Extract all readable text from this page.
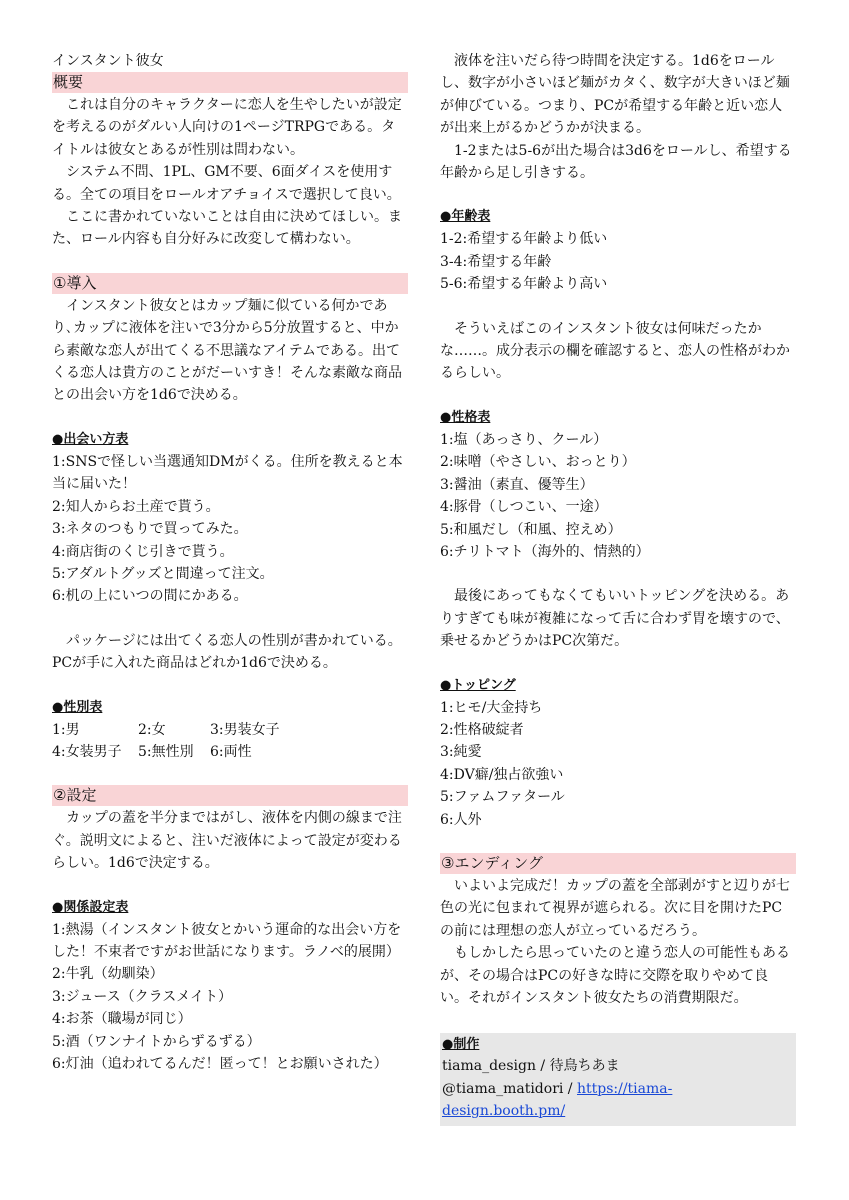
インスタント彼女

概要

これは自分のキャラクターに恋人を生やしたいが設定を考えるのがダルい人向けの1ページTRPGである。タイトルは彼女とあるが性別は問わない。

システム不問、1PL、GM不要、6面ダイスを使用する。全ての項目をロールオアチョイスで選択して良い。

ここに書かれていないことは自由に決めてほしい。また、ロール内容も自分好みに改変して構わない。

①導入

インスタント彼女とはカップ麺に似ている何かであり､カップに液体を注いで3分から5分放置すると、中から素敵な恋人が出てくる不思議なアイテムである。出てくる恋人は貴方のことがだーいすき！そんな素敵な商品との出会い方を1d6で決める。

●出会い方表
1:SNSで怪しい当選通知DMがくる。住所を教えると本当に届いた！
2:知人からお土産で貰う。
3:ネタのつもりで買ってみた。
4:商店街のくじ引きで貰う。
5:アダルトグッズと間違って注文。
6:机の上にいつの間にかある。

パッケージには出てくる恋人の性別が書かれている。PCが手に入れた商品はどれか1d6で決める。

●性別表
1:男	2:女	3:男装女子
4:女装男子	5:無性別	6:両性
②設定

カップの蓋を半分まではがし、液体を内側の線まで注ぐ。説明文によると、注いだ液体によって設定が変わるらしい。1d6で決定する。

●関係設定表
1:熱湯（インスタント彼女とかいう運命的な出会い方をした！不束者ですがお世話になります。ラノベ的展開）
2:牛乳（幼馴染）
3:ジュース（クラスメイト）
4:お茶（職場が同じ）
5:酒（ワンナイトからずるずる）
6:灯油（追われてるんだ！匿って！とお願いされた）

液体を注いだら待つ時間を決定する。1d6をロールし、数字が小さいほど麺がカタく、数字が大きいほど麺が伸びている。つまり、PCが希望する年齢と近い恋人が出来上がるかどうかが決まる。

1-2または5-6が出た場合は3d6をロールし、希望する年齢から足し引きする。

●年齢表
1-2:希望する年齢より低い
3-4:希望する年齢
5-6:希望する年齢より高い

そういえばこのインスタント彼女は何味だったかな……。成分表示の欄を確認すると、恋人の性格がわかるらしい。

●性格表
1:塩（あっさり、クール）
2:味噌（やさしい、おっとり）
3:醤油（素直、優等生）
4:豚骨（しつこい、一途）
5:和風だし（和風、控えめ）
6:チリトマト（海外的、情熱的）

最後にあってもなくてもいいトッピングを決める。ありすぎても味が複雑になって舌に合わず胃を壊すので、乗せるかどうかはPC次第だ。

●トッピング
1:ヒモ/大金持ち
2:性格破綻者
3:純愛
4:DV癖/独占欲強い
5:ファムファタール
6:人外
③エンディング

いよいよ完成だ！カップの蓋を全部剥がすと辺りが七色の光に包まれて視界が遮られる。次に目を開けたPCの前には理想の恋人が立っているだろう。

もしかしたら思っていたのと違う恋人の可能性もあるが、その場合はPCの好きな時に交際を取りやめて良い。それがインスタント彼女たちの消費期限だ。

●制作
tiama_design / 待鳥ちあま
@tiama_matidori / https://tiama-design.booth.pm/
